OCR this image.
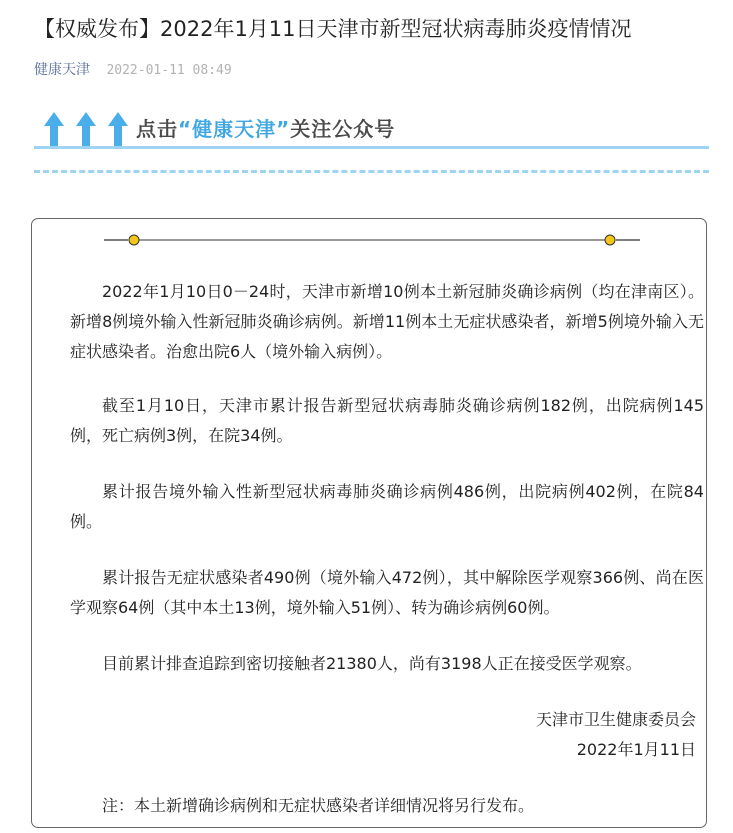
【权威发布】2022年1月11日天津市新型冠状病毒肺炎疫情情况
健康天津 2022-01-11 08:49
点击“健康天津”关注公众号
2022年1月10日0－24时，天津市新增10例本土新冠肺炎确诊病例（均在津南区）。新增8例境外输入性新冠肺炎确诊病例。新增11例本土无症状感染者，新增5例境外输入无症状感染者。治愈出院6人（境外输入病例）。
截至1月10日，天津市累计报告新型冠状病毒肺炎确诊病例182例，出院病例145例，死亡病例3例，在院34例。
累计报告境外输入性新型冠状病毒肺炎确诊病例486例，出院病例402例，在院84例。
累计报告无症状感染者490例（境外输入472例），其中解除医学观察366例、尚在医学观察64例（其中本土13例，境外输入51例）、转为确诊病例60例。
目前累计排查追踪到密切接触者21380人，尚有3198人正在接受医学观察。
天津市卫生健康委员会
2022年1月11日
注：本土新增确诊病例和无症状感染者详细情况将另行发布。
